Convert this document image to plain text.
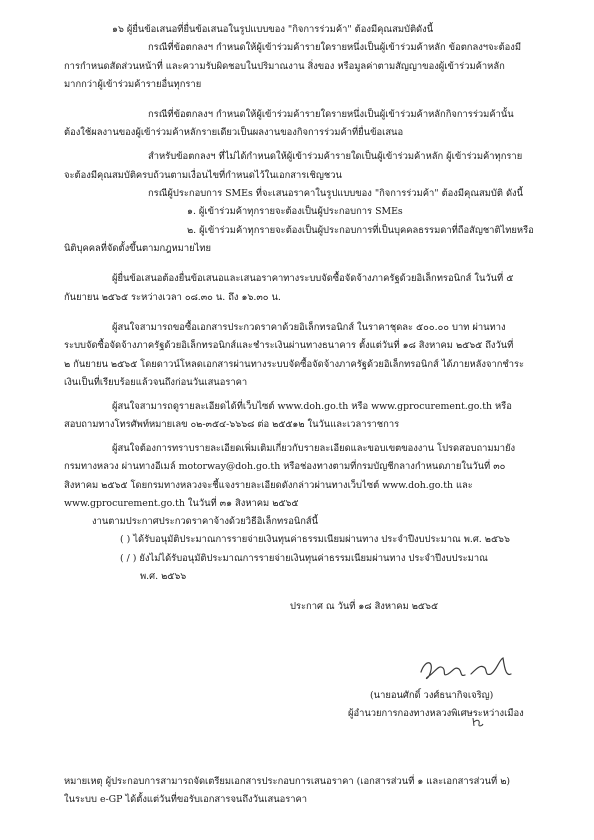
๑๖ ผู้ยื่นข้อเสนอที่ยื่นข้อเสนอในรูปแบบของ "กิจการร่วมค้า" ต้องมีคุณสมบัติดังนี้
กรณีที่ข้อตกลงฯ กำหนดให้ผู้เข้าร่วมค้ารายใดรายหนึ่งเป็นผู้เข้าร่วมค้าหลัก ข้อตกลงฯจะต้องมี
การกำหนดสัดส่วนหน้าที่ และความรับผิดชอบในปริมาณงาน สิ่งของ หรือมูลค่าตามสัญญาของผู้เข้าร่วมค้าหลัก
มากกว่าผู้เข้าร่วมค้ารายอื่นทุกราย
กรณีที่ข้อตกลงฯ กำหนดให้ผู้เข้าร่วมค้ารายใดรายหนึ่งเป็นผู้เข้าร่วมค้าหลักกิจการร่วมค้านั้น
ต้องใช้ผลงานของผู้เข้าร่วมค้าหลักรายเดียวเป็นผลงานของกิจการร่วมค้าที่ยื่นข้อเสนอ
สำหรับข้อตกลงฯ ที่ไม่ได้กำหนดให้ผู้เข้าร่วมค้ารายใดเป็นผู้เข้าร่วมค้าหลัก ผู้เข้าร่วมค้าทุกราย
จะต้องมีคุณสมบัติครบถ้วนตามเงื่อนไขที่กำหนดไว้ในเอกสารเชิญชวน
กรณีผู้ประกอบการ SMEs ที่จะเสนอราคาในรูปแบบของ "กิจการร่วมค้า" ต้องมีคุณสมบัติ ดังนี้
๑. ผู้เข้าร่วมค้าทุกรายจะต้องเป็นผู้ประกอบการ SMEs
๒. ผู้เข้าร่วมค้าทุกรายจะต้องเป็นผู้ประกอบการที่เป็นบุคคลธรรมดาที่ถือสัญชาติไทยหรือ
นิติบุคคลที่จัดตั้งขึ้นตามกฎหมายไทย
ผู้ยื่นข้อเสนอต้องยื่นข้อเสนอและเสนอราคาทางระบบจัดซื้อจัดจ้างภาครัฐด้วยอิเล็กทรอนิกส์ ในวันที่ ๕
กันยายน ๒๕๖๕ ระหว่างเวลา ๐๘.๓๐ น. ถึง ๑๖.๓๐ น.
ผู้สนใจสามารถขอซื้อเอกสารประกวดราคาด้วยอิเล็กทรอนิกส์ ในราคาชุดละ ๕๐๐.๐๐ บาท ผ่านทาง
ระบบจัดซื้อจัดจ้างภาครัฐด้วยอิเล็กทรอนิกส์และชำระเงินผ่านทางธนาคาร ตั้งแต่วันที่ ๑๘ สิงหาคม ๒๕๖๕ ถึงวันที่
๒ กันยายน ๒๕๖๕ โดยดาวน์โหลดเอกสารผ่านทางระบบจัดซื้อจัดจ้างภาครัฐด้วยอิเล็กทรอนิกส์ ได้ภายหลังจากชำระ
เงินเป็นที่เรียบร้อยแล้วจนถึงก่อนวันเสนอราคา
ผู้สนใจสามารถดูรายละเอียดได้ที่เว็บไซต์ www.doh.go.th หรือ www.gprocurement.go.th หรือ
สอบถามทางโทรศัพท์หมายเลข ๐๒-๓๕๔-๖๖๖๘ ต่อ ๒๕๕๑๒ ในวันและเวลาราชการ
ผู้สนใจต้องการทราบรายละเอียดเพิ่มเติมเกี่ยวกับรายละเอียดและขอบเขตของงาน โปรดสอบถามมายัง
กรมทางหลวง ผ่านทางอีเมล์ motorway@doh.go.th หรือช่องทางตามที่กรมบัญชีกลางกำหนดภายในวันที่ ๓๐
สิงหาคม ๒๕๖๕ โดยกรมทางหลวงจะชี้แจงรายละเอียดดังกล่าวผ่านทางเว็บไซต์ www.doh.go.th และ
www.gprocurement.go.th ในวันที่ ๓๑ สิงหาคม ๒๕๖๕
งานตามประกาศประกวดราคาจ้างด้วยวิธีอิเล็กทรอนิกส์นี้
( ) ได้รับอนุมัติประมาณการรายจ่ายเงินทุนค่าธรรมเนียมผ่านทาง ประจำปีงบประมาณ พ.ศ. ๒๕๖๖
( / ) ยังไม่ได้รับอนุมัติประมาณการรายจ่ายเงินทุนค่าธรรมเนียมผ่านทาง ประจำปีงบประมาณ
พ.ศ. ๒๕๖๖
ประกาศ ณ วันที่ ๑๘ สิงหาคม ๒๕๖๕
(นายอนศักดิ์ วงศ์ธนากิจเจริญ)
ผู้อำนวยการกองทางหลวงพิเศษระหว่างเมือง
หมายเหตุ ผู้ประกอบการสามารถจัดเตรียมเอกสารประกอบการเสนอราคา (เอกสารส่วนที่ ๑ และเอกสารส่วนที่ ๒)
ในระบบ e-GP ได้ตั้งแต่วันที่ขอรับเอกสารจนถึงวันเสนอราคา
